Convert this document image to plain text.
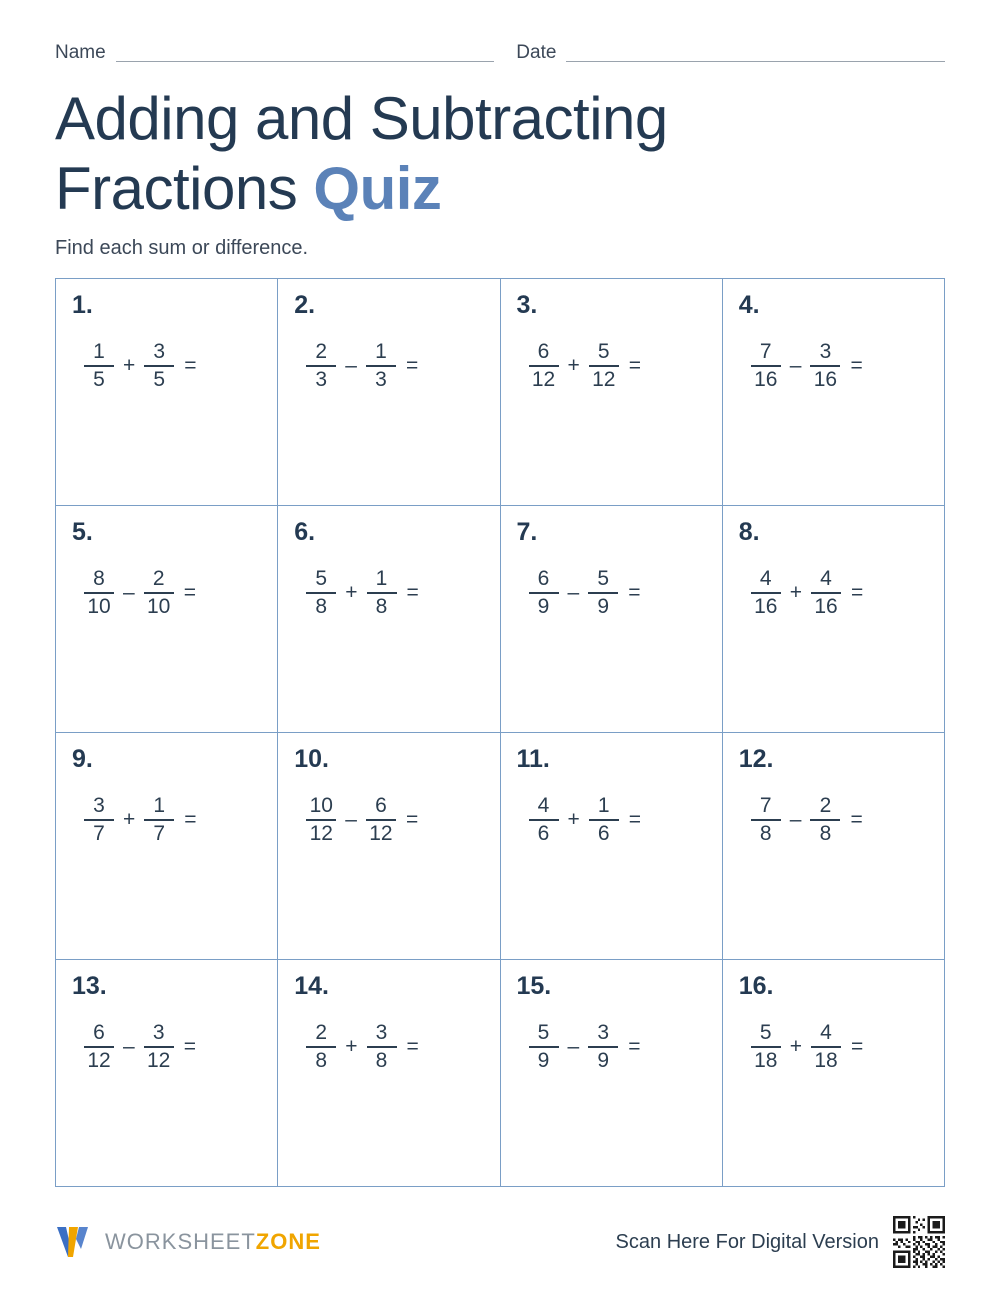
Name	Date
Adding and Subtracting
Fractions Quiz
Find each sum or difference.
1.
$\frac{1}{5} + \frac{3}{5}$ =

2.
$\frac{2}{3} - \frac{1}{3}$ =

3.
$\frac{6}{12} + \frac{5}{12}$ =

4.
$\frac{7}{16} - \frac{3}{16}$ =

5.
$\frac{8}{10} - \frac{2}{10}$ =

6.
$\frac{5}{8} + \frac{1}{8}$ =

7.
$\frac{6}{9} - \frac{5}{9}$ =

8.
$\frac{4}{16} + \frac{4}{16}$ =

9.
$\frac{3}{7} + \frac{1}{7}$ =

10.
$\frac{10}{12} - \frac{6}{12}$ =

11.
$\frac{4}{6} + \frac{1}{6}$ =

12.
$\frac{7}{8} - \frac{2}{8}$ =

13.
$\frac{6}{12} - \frac{3}{12}$ =

14.
$\frac{2}{8} + \frac{3}{8}$ =

15.
$\frac{5}{9} - \frac{3}{9}$ =

16.
$\frac{5}{18} + \frac{4}{18}$ =
WORKSHEETZONE	Scan Here For Digital Version
